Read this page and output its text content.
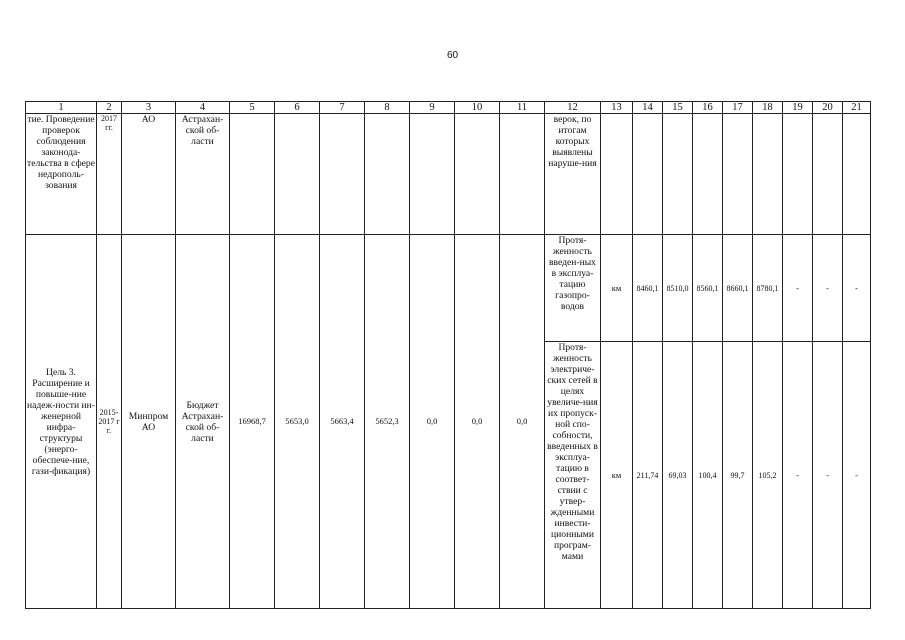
60
1	2	3	4	5	6	7	8	9	10	11	12	13	14	15	16	17	18	19	20	21
тие. Проведение проверок соблюдения законода-тельства в сфере недрополь-зования	2017 гг.	АО	Астрахан-ской об-ласти								верок, по итогам которых выявлены наруше-ния									
Цель 3. Расширение и повыше-ние надеж-ности ин-женерной инфра-структуры (энерго-обеспече-ние, гази-фикация)	2015-2017 гг.	Минпром АО	Бюджет Астрахан-ской об-ласти	16968,7	5653,0	5663,4	5652,3	0,0	0,0	0,0	Протя-женность введен-ных в эксплуа-тацию газопро-водов	км	8460,1	8510,0	8560,1	8660,1	8780,1	-	-	-
											Протя-женность электриче-ских сетей в целях увеличе-ния их пропуск-ной спо-собности, введенных в эксплуа-тацию в соответ-ствии с утвер-жденными инвести-ционными програм-мами	км	211,74	69,03	100,4	99,7	105,2	-	-	-
